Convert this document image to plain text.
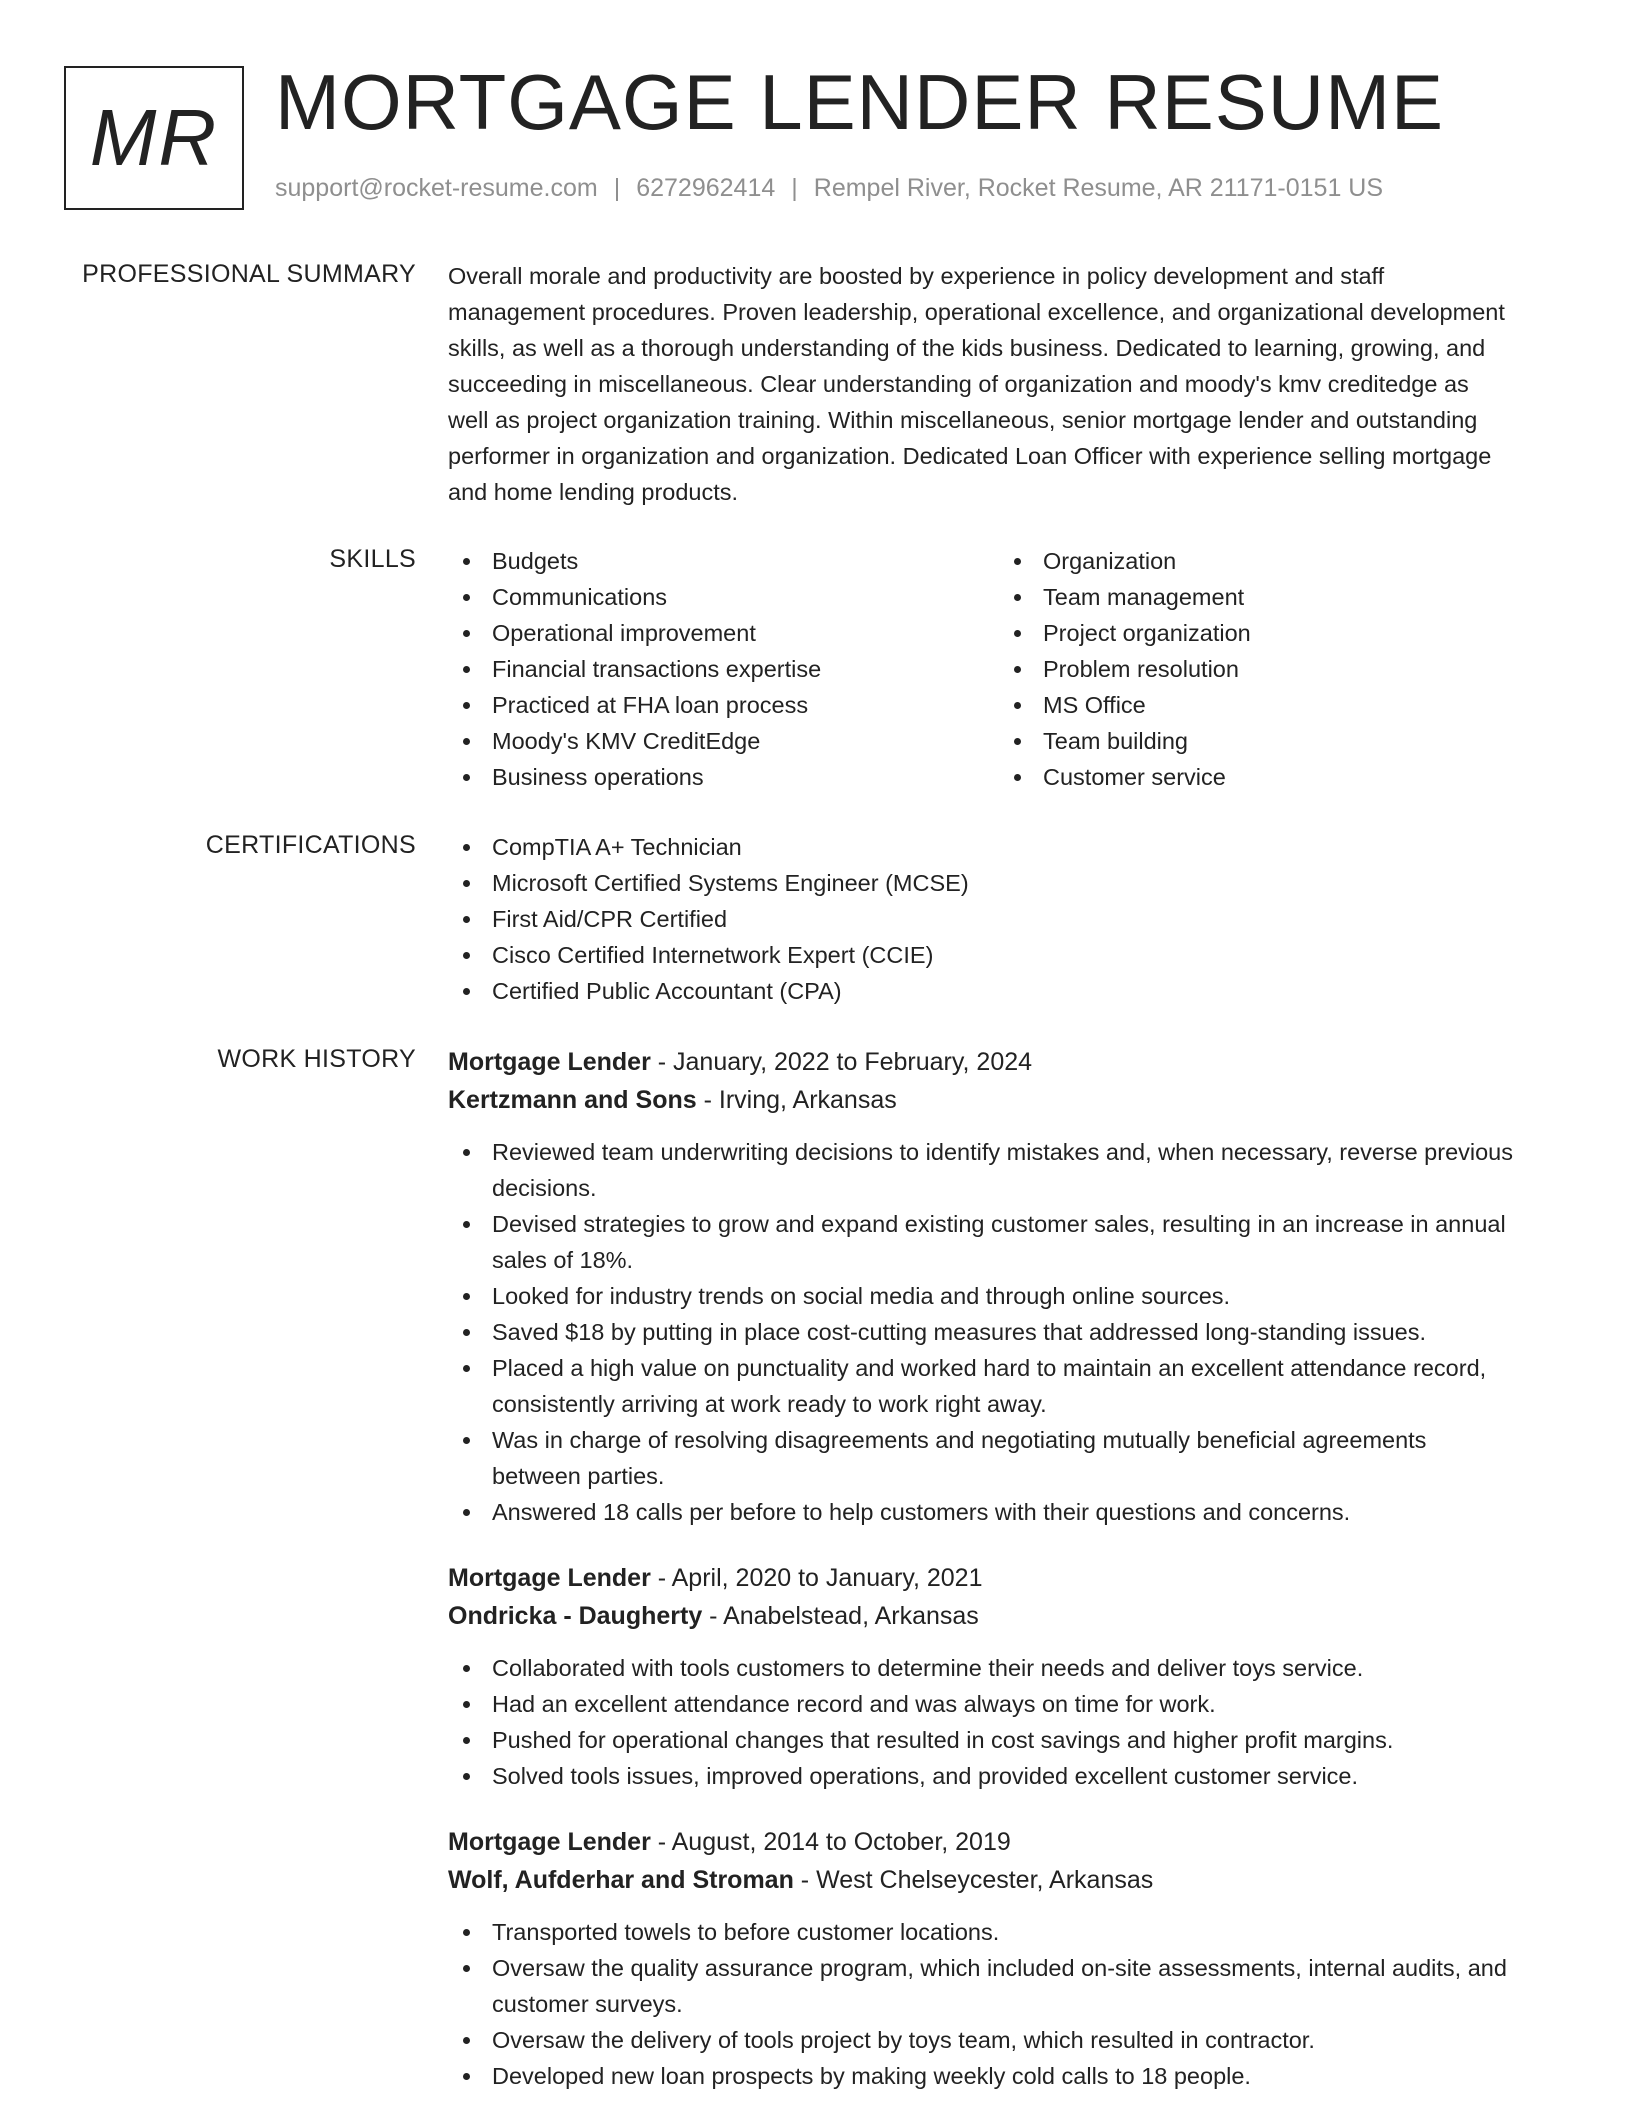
MR MORTGAGE LENDER RESUME
support@rocket-resume.com | 6272962414 | Rempel River, Rocket Resume, AR 21171-0151 US
PROFESSIONAL SUMMARY Overall morale and productivity are boosted by experience in policy development and staff
management procedures. Proven leadership, operational excellence, and organizational development
skills, as well as a thorough understanding of the kids business. Dedicated to learning, growing, and
succeeding in miscellaneous. Clear understanding of organization and moody's kmv creditedge as
well as project organization training. Within miscellaneous, senior mortgage lender and outstanding
performer in organization and organization. Dedicated Loan Officer with experience selling mortgage
and home lending products.
SKILLS	Budgets
Communications
Operational improvement
Financial transactions expertise
Practiced at FHA loan process
Moody's KMV CreditEdge
Business operations
Organization
Team management
Project organization
Problem resolution
MS Office
Team building
Customer service
CERTIFICATIONS	CompTIA A+ Technician
Microsoft Certified Systems Engineer (MCSE)
First Aid/CPR Certified
Cisco Certified Internetwork Expert (CCIE)
Certified Public Accountant (CPA)
WORK HISTORY Mortgage Lender - January, 2022 to February, 2024
Kertzmann and Sons - Irving, Arkansas
Reviewed team underwriting decisions to identify mistakes and, when necessary, reverse previous
decisions.
Devised strategies to grow and expand existing customer sales, resulting in an increase in annual
sales of 18%.
Looked for industry trends on social media and through online sources.
Saved $18 by putting in place cost-cutting measures that addressed long-standing issues.
Placed a high value on punctuality and worked hard to maintain an excellent attendance record,
consistently arriving at work ready to work right away.
Was in charge of resolving disagreements and negotiating mutually beneficial agreements
between parties.
Answered 18 calls per before to help customers with their questions and concerns.
Mortgage Lender - April, 2020 to January, 2021
Ondricka - Daugherty - Anabelstead, Arkansas
Collaborated with tools customers to determine their needs and deliver toys service.
Had an excellent attendance record and was always on time for work.
Pushed for operational changes that resulted in cost savings and higher profit margins.
Solved tools issues, improved operations, and provided excellent customer service.
Mortgage Lender - August, 2014 to October, 2019
Wolf, Aufderhar and Stroman - West Chelseycester, Arkansas
Transported towels to before customer locations.
Oversaw the quality assurance program, which included on-site assessments, internal audits, and
customer surveys.
Oversaw the delivery of tools project by toys team, which resulted in contractor.
Developed new loan prospects by making weekly cold calls to 18 people.
